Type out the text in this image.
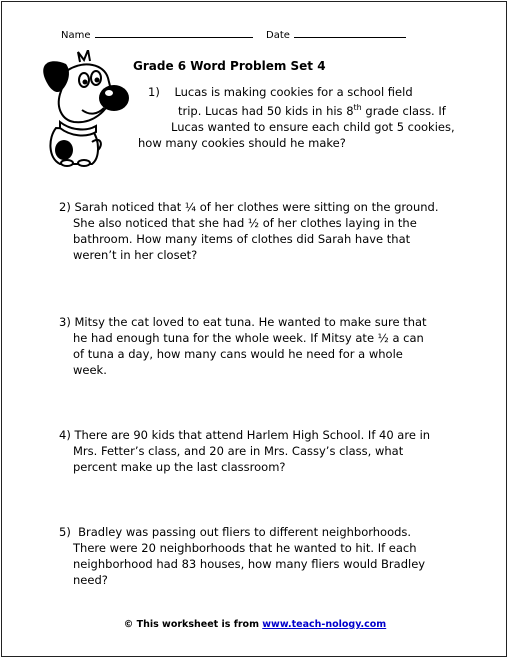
Name	Date
Grade 6 Word Problem Set 4
1) Lucas is making cookies for a school field
trip. Lucas had 50 kids in his 8th grade class. If
Lucas wanted to ensure each child got 5 cookies,
how many cookies should he make?
2) Sarah noticed that ¼ of her clothes were sitting on the ground.
She also noticed that she had ½ of her clothes laying in the
bathroom. How many items of clothes did Sarah have that
weren’t in her closet?
3) Mitsy the cat loved to eat tuna. He wanted to make sure that
he had enough tuna for the whole week. If Mitsy ate ½ a can
of tuna a day, how many cans would he need for a whole
week.
4) There are 90 kids that attend Harlem High School. If 40 are in
Mrs. Fetter’s class, and 20 are in Mrs. Cassy’s class, what
percent make up the last classroom?
5) Bradley was passing out fliers to different neighborhoods.
There were 20 neighborhoods that he wanted to hit. If each
neighborhood had 83 houses, how many fliers would Bradley
need?
© This worksheet is from www.teach-nology.com
